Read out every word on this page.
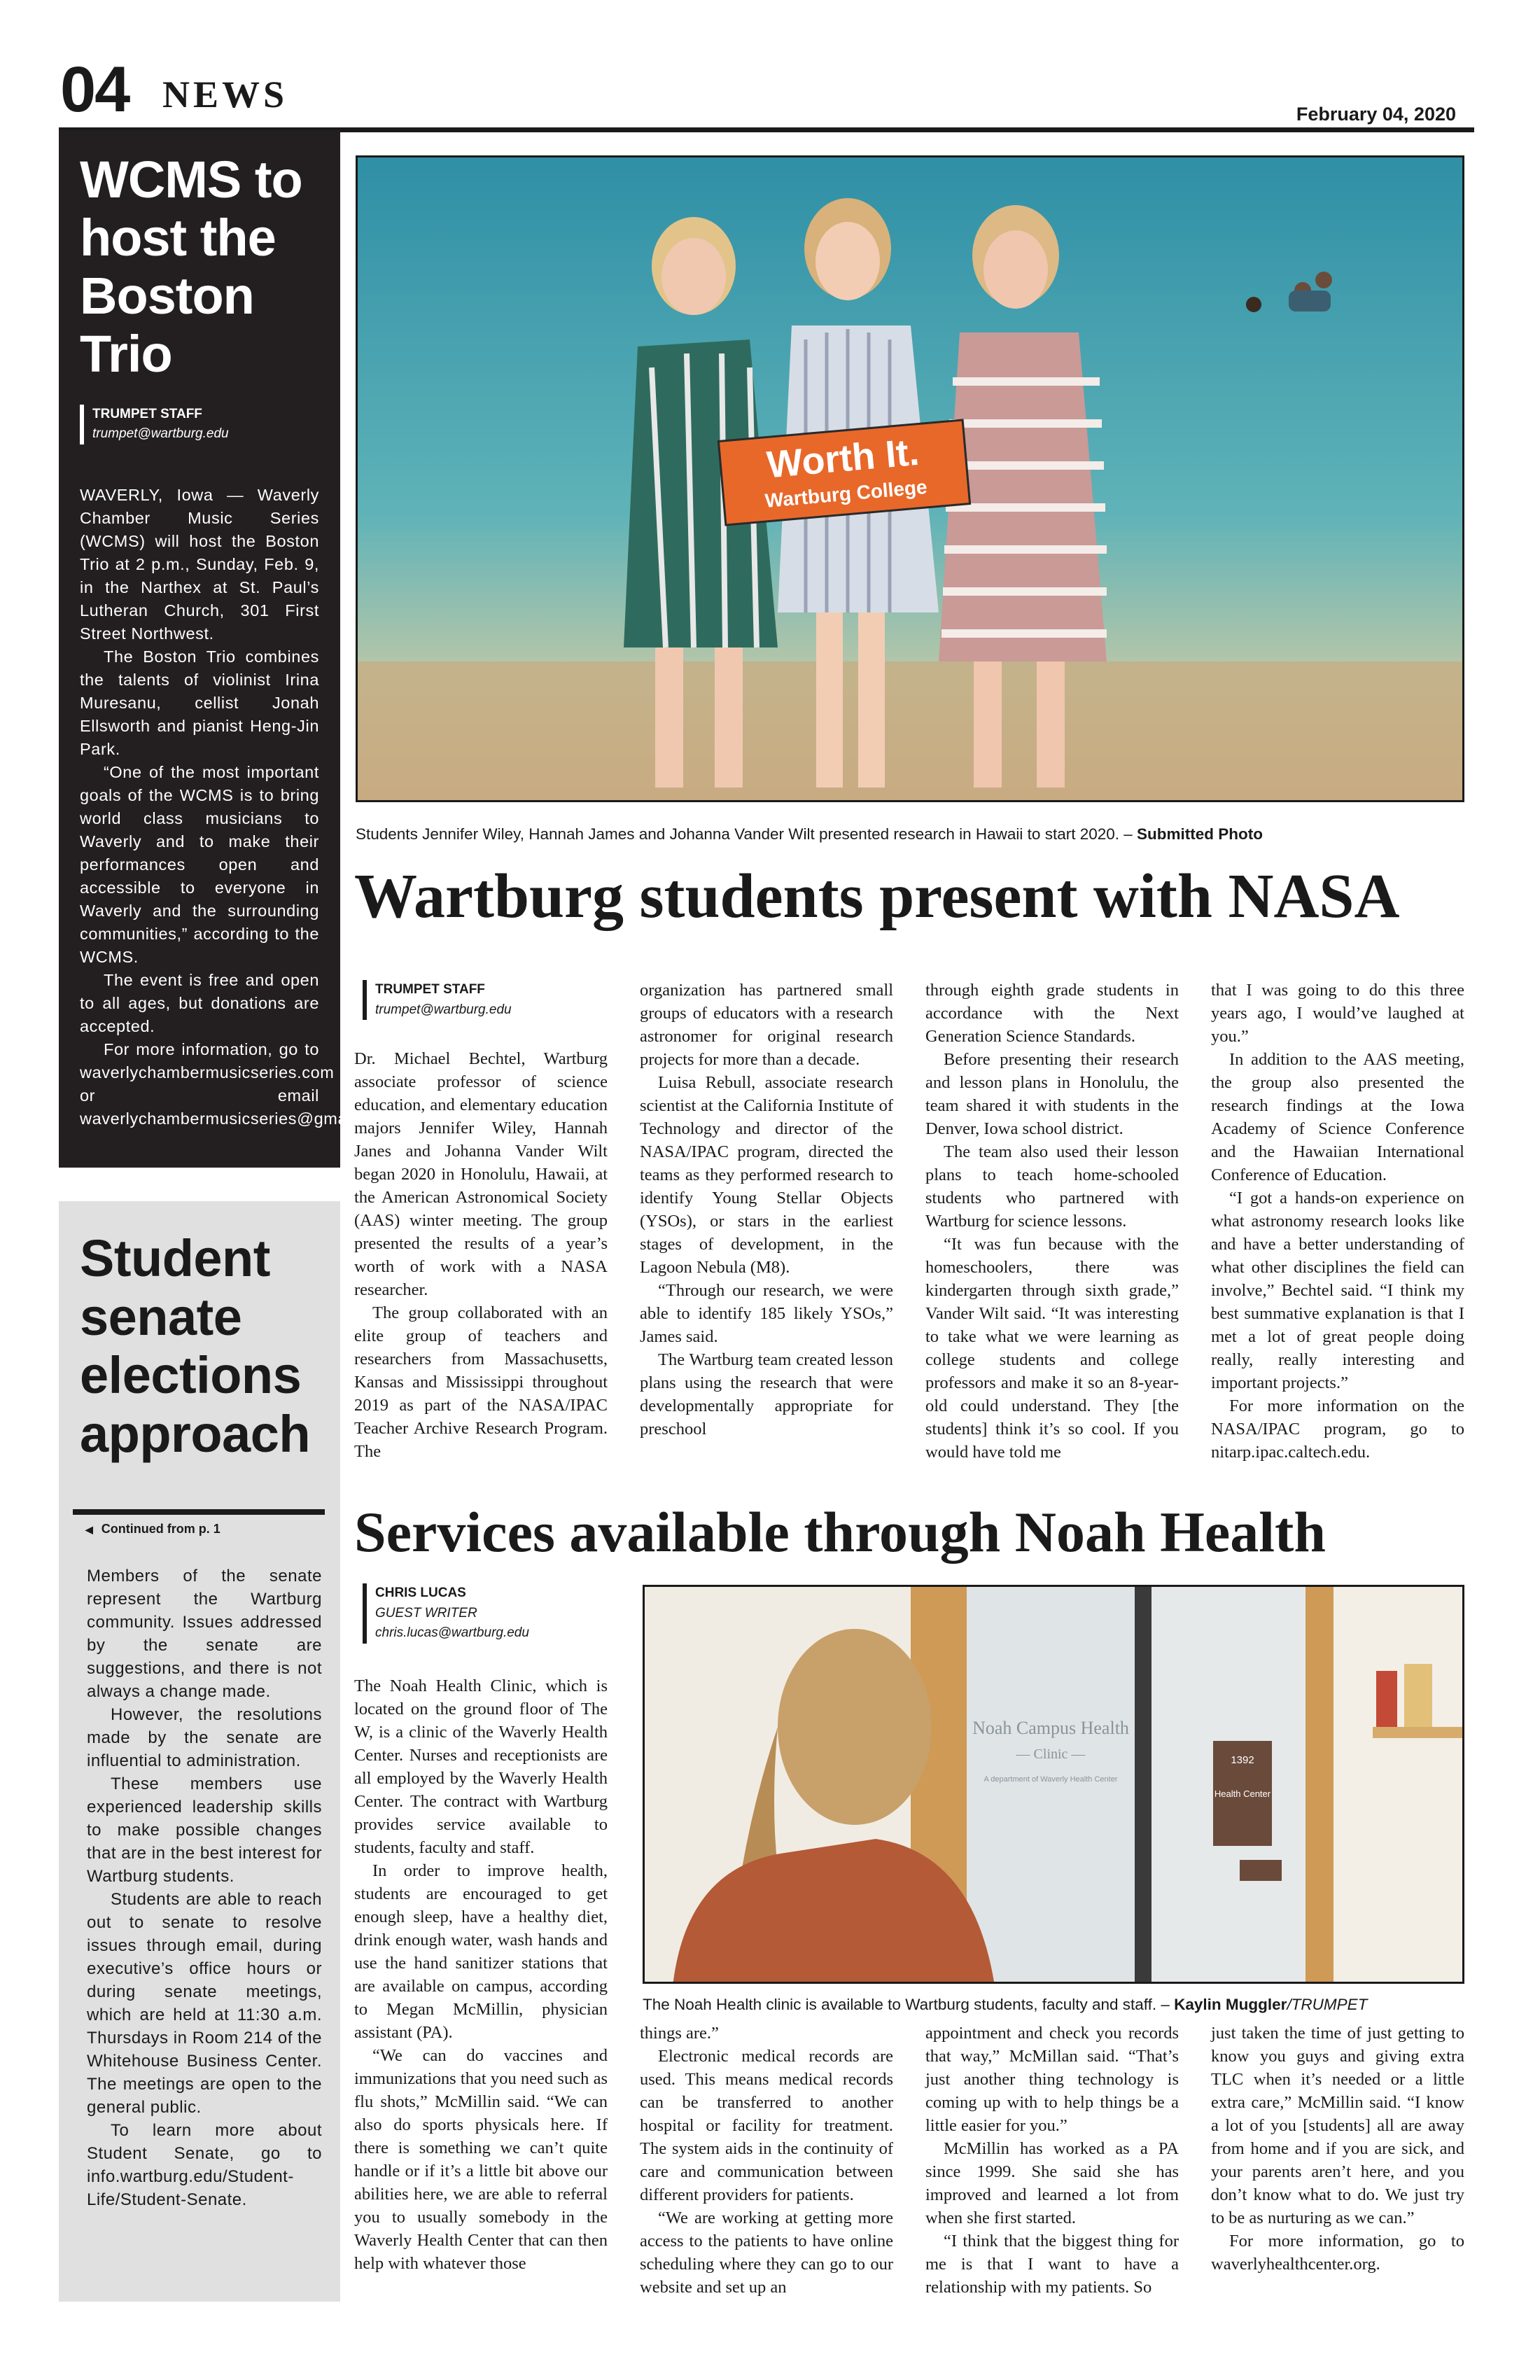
04 NEWS	February 04, 2020
WCMS to host the Boston Trio
TRUMPET STAFF
trumpet@wartburg.edu

WAVERLY, Iowa — Waverly Chamber Music Series (WCMS) will host the Boston Trio at 2 p.m., Sunday, Feb. 9, in the Narthex at St. Paul’s Lutheran Church, 301 First Street Northwest.

The Boston Trio combines the talents of violinist Irina Muresanu, cellist Jonah Ellsworth and pianist Heng-Jin Park.

“One of the most important goals of the WCMS is to bring world class musicians to Waverly and to make their performances open and accessible to everyone in Waverly and the surrounding communities,” according to the WCMS.

The event is free and open to all ages, but donations are accepted.

For more information, go to waverlychambermusicseries.com or email waverlychambermusicseries@gmail.com.

Student senate elections approach
◀ Continued from p. 1

Members of the senate represent the Wartburg community. Issues addressed by the senate are suggestions, and there is not always a change made.

However, the resolutions made by the senate are influential to administration.

These members use experienced leadership skills to make possible changes that are in the best interest for Wartburg students.

Students are able to reach out to senate to resolve issues through email, during executive’s office hours or during senate meetings, which are held at 11:30 a.m. Thursdays in Room 214 of the Whitehouse Business Center. The meetings are open to the general public.

To learn more about Student Senate, go to info.wartburg.edu/Student-Life/Student-Senate.

Worth It.
Wartburg College
Students Jennifer Wiley, Hannah James and Johanna Vander Wilt presented research in Hawaii to start 2020. – Submitted Photo
Wartburg students present with NASA
TRUMPET STAFF
trumpet@wartburg.edu

Dr. Michael Bechtel, Wartburg associate professor of science education, and elementary education majors Jennifer Wiley, Hannah Janes and Johanna Vander Wilt began 2020 in Honolulu, Hawaii, at the American Astronomical Society (AAS) winter meeting. The group presented the results of a year’s worth of work with a NASA researcher.

The group collaborated with an elite group of teachers and researchers from Massachusetts, Kansas and Mississippi throughout 2019 as part of the NASA/IPAC Teacher Archive Research Program. The

organization has partnered small groups of educators with a research astronomer for original research projects for more than a decade.

Luisa Rebull, associate research scientist at the California Institute of Technology and director of the NASA/IPAC program, directed the teams as they performed research to identify Young Stellar Objects (YSOs), or stars in the earliest stages of development, in the Lagoon Nebula (M8).

“Through our research, we were able to identify 185 likely YSOs,” James said.

The Wartburg team created lesson plans using the research that were developmentally appropriate for preschool

through eighth grade students in accordance with the Next Generation Science Standards.

Before presenting their research and lesson plans in Honolulu, the team shared it with students in the Denver, Iowa school district.

The team also used their lesson plans to teach home-schooled students who partnered with Wartburg for science lessons.

“It was fun because with the homeschoolers, there was kindergarten through sixth grade,” Vander Wilt said. “It was interesting to take what we were learning as college students and college professors and make it so an 8-year-old could understand. They [the students] think it’s so cool. If you would have told me

that I was going to do this three years ago, I would’ve laughed at you.”

In addition to the AAS meeting, the group also presented the research findings at the Iowa Academy of Science Conference and the Hawaiian International Conference of Education.

“I got a hands-on experience on what astronomy research looks like and have a better understanding of what other disciplines the field can involve,” Bechtel said. “I think my best summative explanation is that I met a lot of great people doing really, really interesting and important projects.”

For more information on the NASA/IPAC program, go to nitarp.ipac.caltech.edu.

Services available through Noah Health
CHRIS LUCAS
GUEST WRITER
chris.lucas@wartburg.edu
Noah Campus Health
— Clinic —
A department of Waverly Health Center
1392
Health Center
The Noah Health clinic is available to Wartburg students, faculty and staff. – Kaylin Muggler/TRUMPET

The Noah Health Clinic, which is located on the ground floor of The W, is a clinic of the Waverly Health Center. Nurses and receptionists are all employed by the Waverly Health Center. The contract with Wartburg provides service available to students, faculty and staff.

In order to improve health, students are encouraged to get enough sleep, have a healthy diet, drink enough water, wash hands and use the hand sanitizer stations that are available on campus, according to Megan McMillin, physician assistant (PA).

“We can do vaccines and immunizations that you need such as flu shots,” McMillin said. “We can also do sports physicals here. If there is something we can’t quite handle or if it’s a little bit above our abilities here, we are able to referral you to usually somebody in the Waverly Health Center that can then help with whatever those

things are.”

Electronic medical records are used. This means medical records can be transferred to another hospital or facility for treatment. The system aids in the continuity of care and communication between different providers for patients.

“We are working at getting more access to the patients to have online scheduling where they can go to our website and set up an

appointment and check you records that way,” McMillan said. “That’s just another thing technology is coming up with to help things be a little easier for you.”

McMillin has worked as a PA since 1999. She said she has improved and learned a lot from when she first started.

“I think that the biggest thing for me is that I want to have a relationship with my patients. So

just taken the time of just getting to know you guys and giving extra TLC when it’s needed or a little extra care,” McMillin said. “I know a lot of you [students] all are away from home and if you are sick, and your parents aren’t here, and you don’t know what to do. We just try to be as nurturing as we can.”

For more information, go to waverlyhealthcenter.org.
